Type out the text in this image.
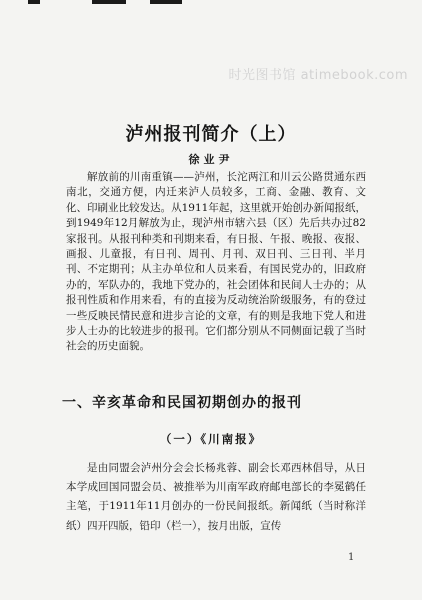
时光图书馆 atimebook.com
泸州报刊简介（上）
徐业尹

解放前的川南重镇——泸州，长沱两江和川云公路贯通东西南北，交通方便，内迁来泸人员较多，工商、金融、教育、文化、印刷业比较发达。从1911年起，这里就开始创办新闻报纸，到1949年12月解放为止，现泸州市辖六县（区）先后共办过82家报刊。从报刊种类和刊期来看，有日报、午报、晚报、夜报、画报、儿童报，有日刊、周刊、月刊、双日刊、三日刊、半月刊、不定期刊；从主办单位和人员来看，有国民党办的，旧政府办的，军队办的，我地下党办的，社会团体和民间人士办的；从报刊性质和作用来看，有的直接为反动统治阶级服务，有的登过一些反映民情民意和进步言论的文章，有的则是我地下党人和进步人士办的比较进步的报刊。它们都分别从不同侧面记载了当时社会的历史面貌。

一、辛亥革命和民国初期创办的报刊
（一）《川南报》

是由同盟会泸州分会会长杨兆蓉、副会长邓西林倡导，从日本学成回国同盟会员、被推举为川南军政府邮电部长的李冕鹤任主笔，于1911年11月创办的一份民间报纸。新闻纸（当时称洋纸）四开四版，铅印（栏一），按月出版，宣传

1
